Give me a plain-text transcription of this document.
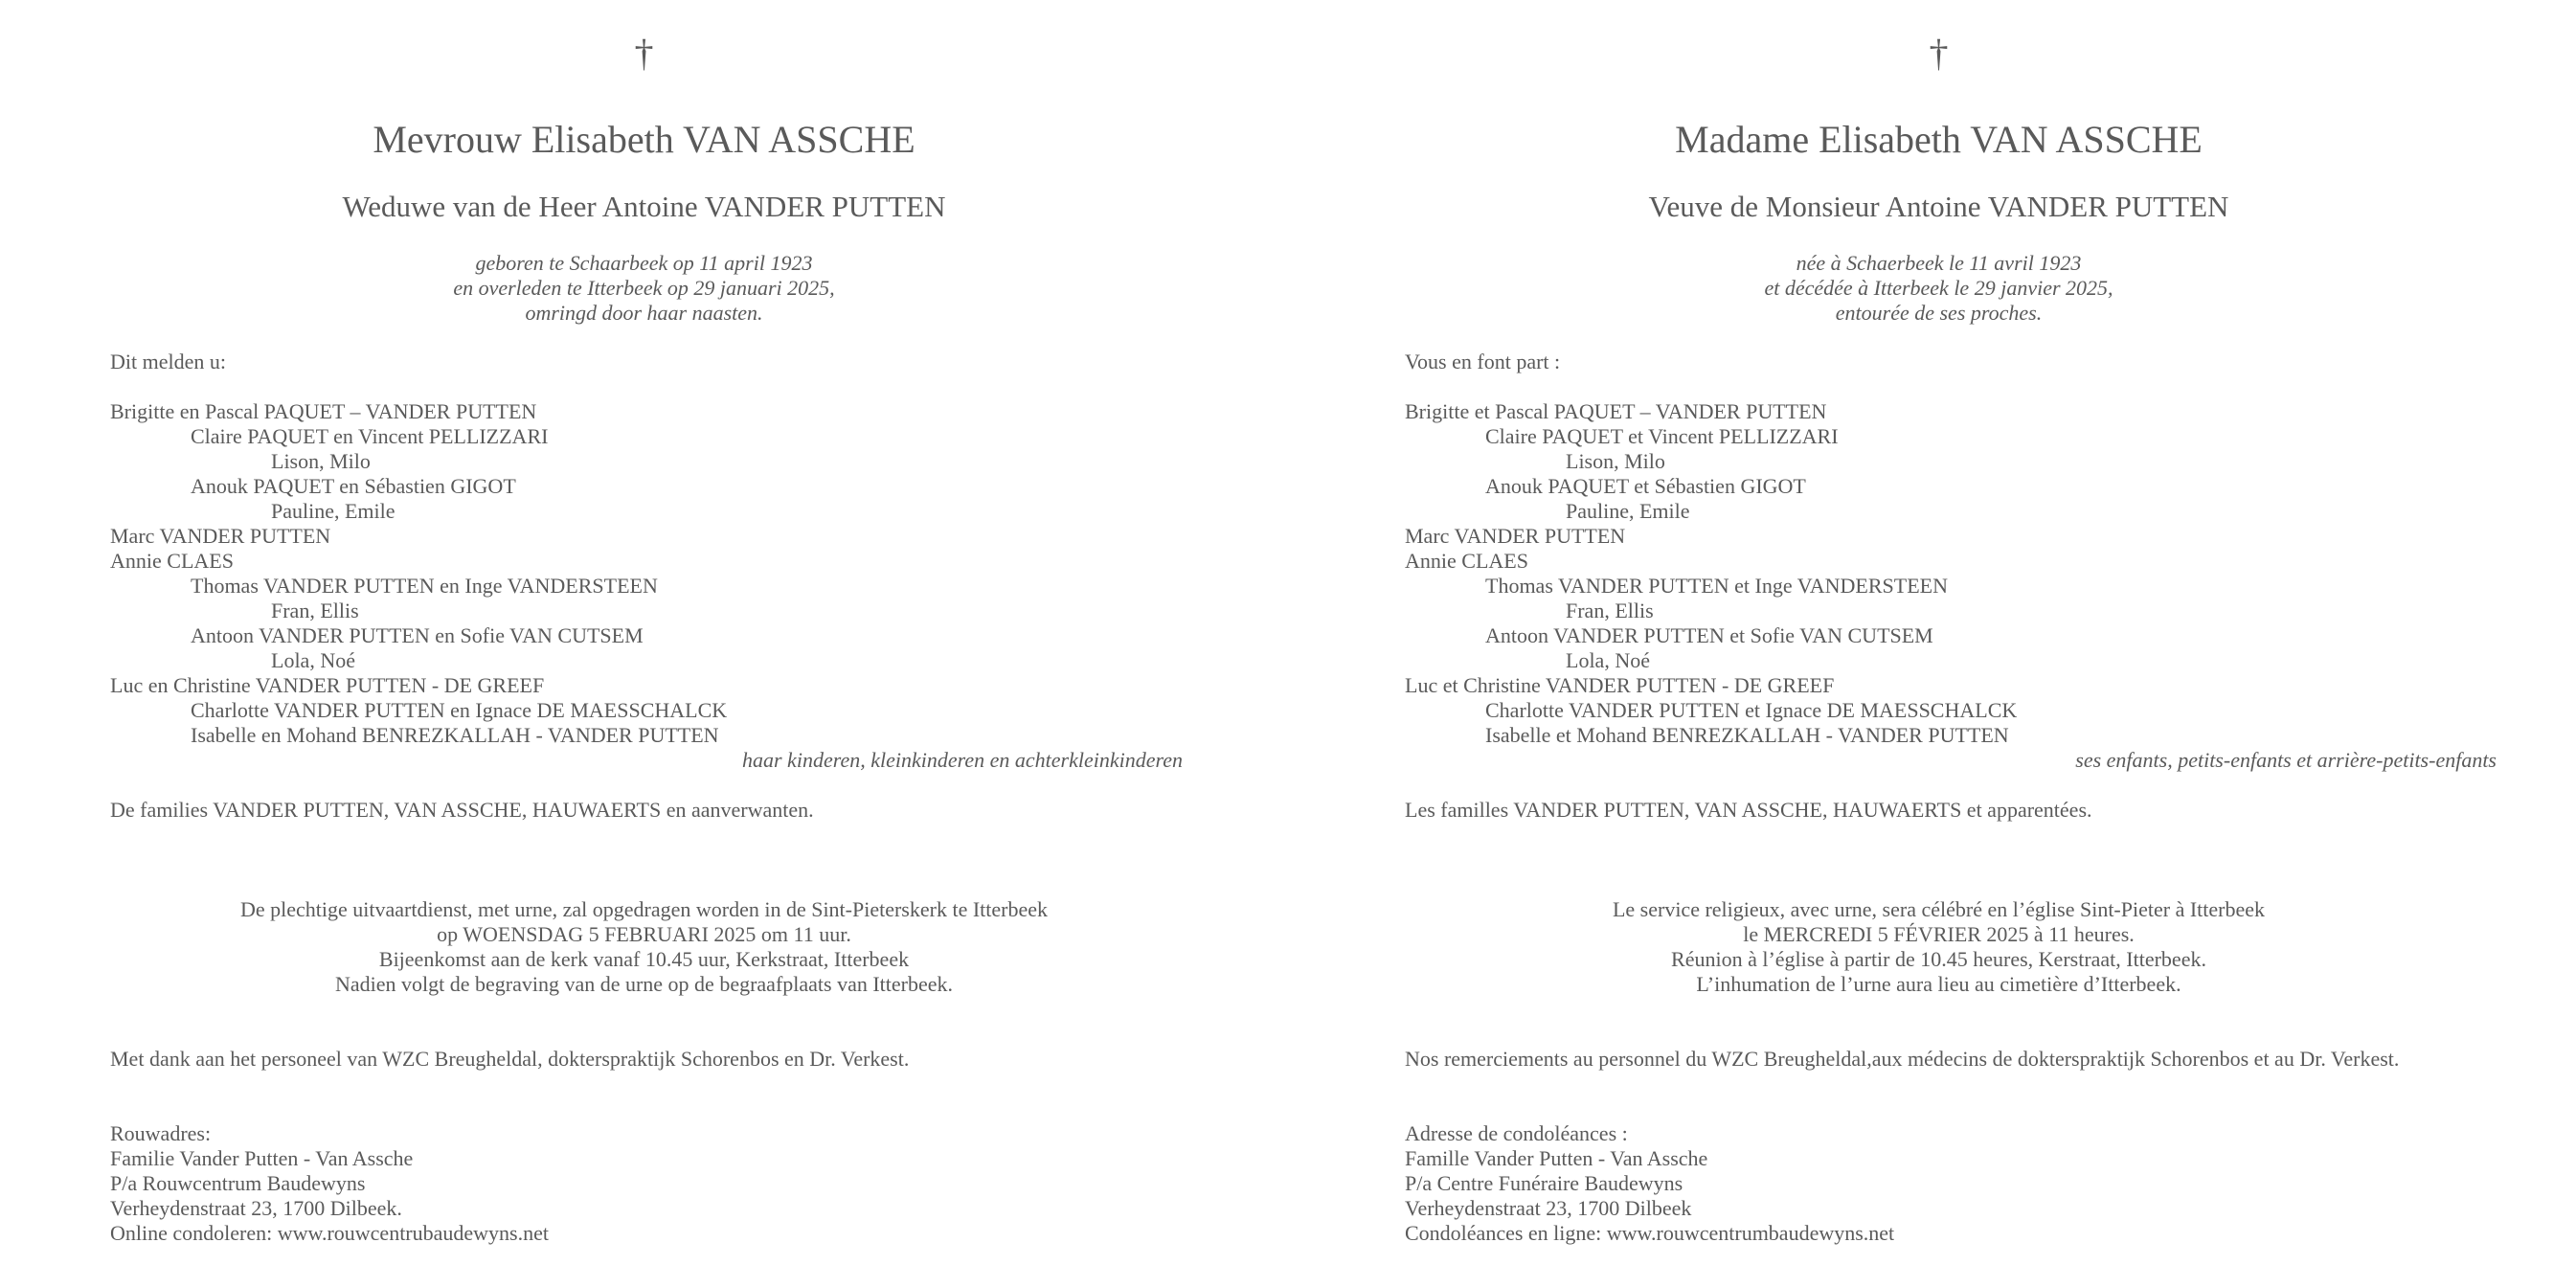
†
Mevrouw Elisabeth VAN ASSCHE
Weduwe van de Heer Antoine VANDER PUTTEN
geboren te Schaarbeek op 11 april 1923
en overleden te Itterbeek op 29 januari 2025,
omringd door haar naasten.
Dit melden u:
Brigitte en Pascal PAQUET – VANDER PUTTEN
Claire PAQUET en Vincent PELLIZZARI
Lison, Milo
Anouk PAQUET en Sébastien GIGOT
Pauline, Emile
Marc VANDER PUTTEN
Annie CLAES
Thomas VANDER PUTTEN en Inge VANDERSTEEN
Fran, Ellis
Antoon VANDER PUTTEN en Sofie VAN CUTSEM
Lola, Noé
Luc en Christine VANDER PUTTEN - DE GREEF
Charlotte VANDER PUTTEN en Ignace DE MAESSCHALCK
Isabelle en Mohand BENREZKALLAH - VANDER PUTTEN
haar kinderen, kleinkinderen en achterkleinkinderen
De families VANDER PUTTEN, VAN ASSCHE, HAUWAERTS en aanverwanten.
De plechtige uitvaartdienst, met urne, zal opgedragen worden in de Sint-Pieterskerk te Itterbeek
op WOENSDAG 5 FEBRUARI 2025 om 11 uur.
Bijeenkomst aan de kerk vanaf 10.45 uur, Kerkstraat, Itterbeek
Nadien volgt de begraving van de urne op de begraafplaats van Itterbeek.
Met dank aan het personeel van WZC Breugheldal, dokterspraktijk Schorenbos en Dr. Verkest.
Rouwadres:
Familie Vander Putten - Van Assche
P/a Rouwcentrum Baudewyns
Verheydenstraat 23, 1700 Dilbeek.
Online condoleren: www.rouwcentrubaudewyns.net
†
Madame Elisabeth VAN ASSCHE
Veuve de Monsieur Antoine VANDER PUTTEN
née à Schaerbeek le 11 avril 1923
et décédée à Itterbeek le 29 janvier 2025,
entourée de ses proches.
Vous en font part :
Brigitte et Pascal PAQUET – VANDER PUTTEN
Claire PAQUET et Vincent PELLIZZARI
Lison, Milo
Anouk PAQUET et Sébastien GIGOT
Pauline, Emile
Marc VANDER PUTTEN
Annie CLAES
Thomas VANDER PUTTEN et Inge VANDERSTEEN
Fran, Ellis
Antoon VANDER PUTTEN et Sofie VAN CUTSEM
Lola, Noé
Luc et Christine VANDER PUTTEN - DE GREEF
Charlotte VANDER PUTTEN et Ignace DE MAESSCHALCK
Isabelle et Mohand BENREZKALLAH - VANDER PUTTEN
ses enfants, petits-enfants et arrière-petits-enfants
Les familles VANDER PUTTEN, VAN ASSCHE, HAUWAERTS et apparentées.
Le service religieux, avec urne, sera célébré en l’église Sint-Pieter à Itterbeek
le MERCREDI 5 FÉVRIER 2025 à 11 heures.
Réunion à l’église à partir de 10.45 heures, Kerstraat, Itterbeek.
L’inhumation de l’urne aura lieu au cimetière d’Itterbeek.
Nos remerciements au personnel du WZC Breugheldal,aux médecins de dokterspraktijk Schorenbos et au Dr. Verkest.
Adresse de condoléances :
Famille Vander Putten - Van Assche
P/a Centre Funéraire Baudewyns
Verheydenstraat 23, 1700 Dilbeek
Condoléances en ligne: www.rouwcentrumbaudewyns.net
